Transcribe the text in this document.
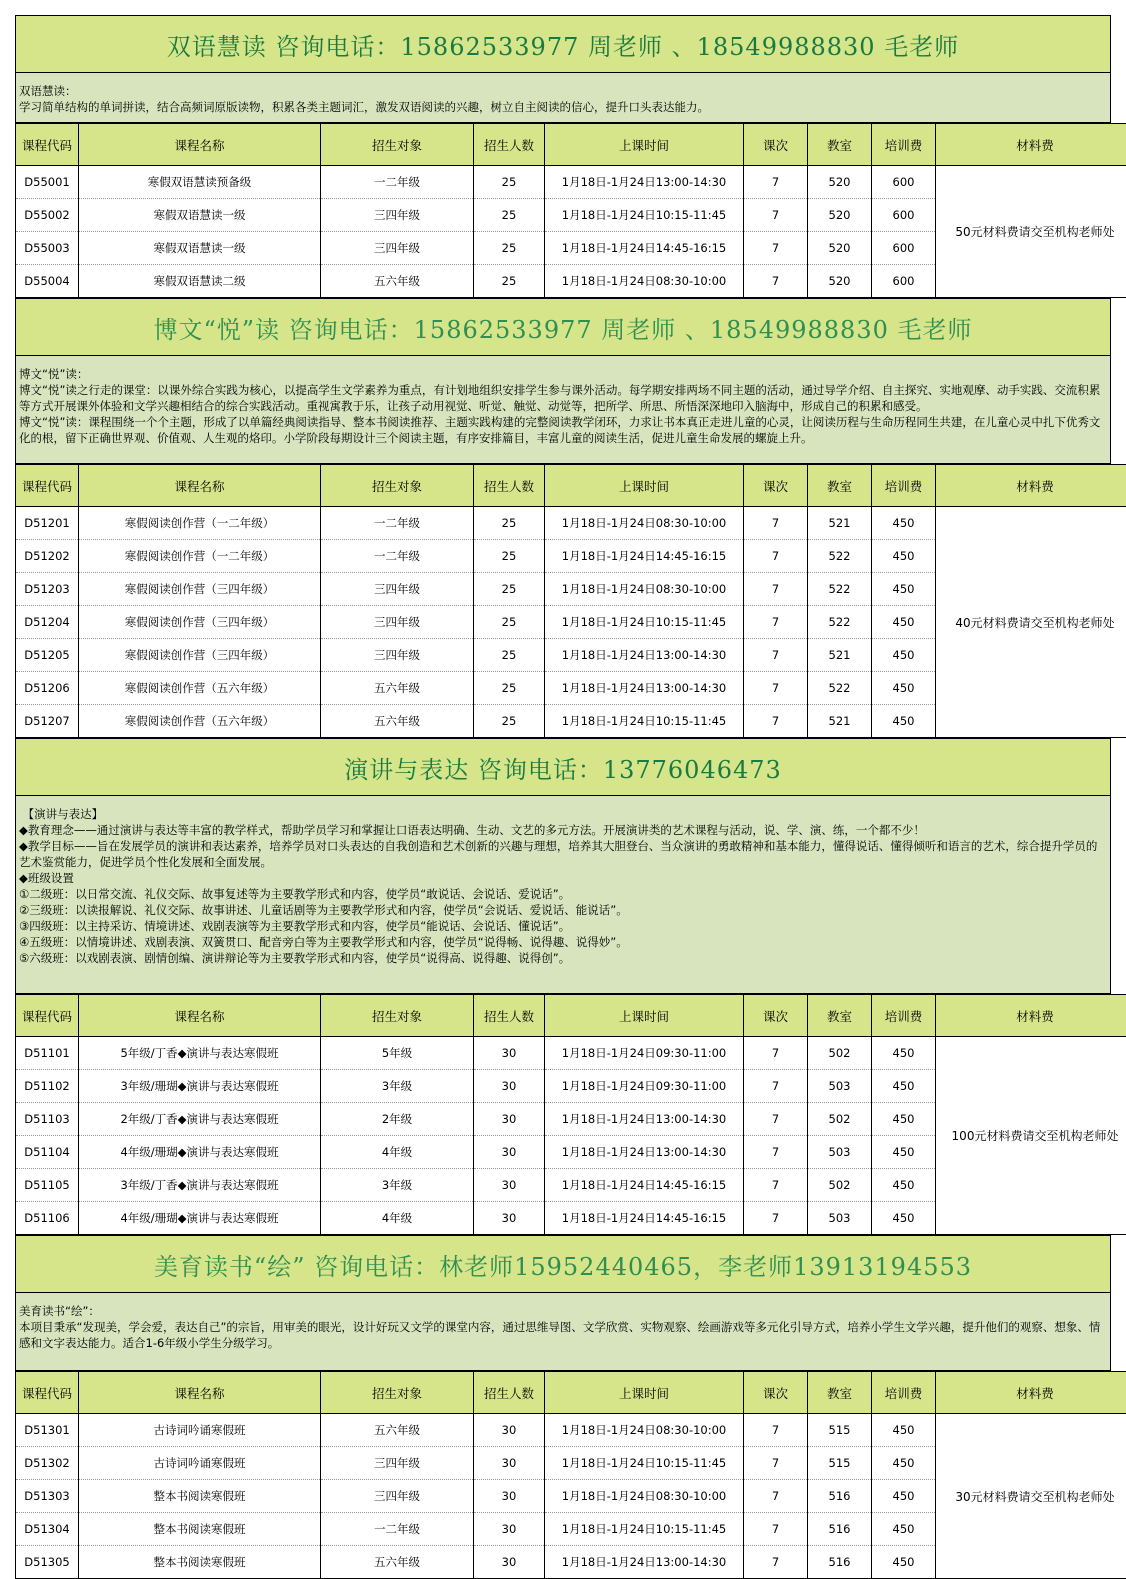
双语慧读 咨询电话：15862533977 周老师 、18549988830 毛老师
双语慧读：
学习简单结构的单词拼读，结合高频词原版读物，积累各类主题词汇，激发双语阅读的兴趣，树立自主阅读的信心，提升口头表达能力。
课程代码	课程名称	招生对象	招生人数	上课时间	课次	教室	培训费	材料费
D55001	寒假双语慧读预备级	一二年级	25	1月18日-1月24日13:00-14:30	7	520	600	50元材料费请交至机构老师处
D55002	寒假双语慧读一级	三四年级	25	1月18日-1月24日10:15-11:45	7	520	600	
D55003	寒假双语慧读一级	三四年级	25	1月18日-1月24日14:45-16:15	7	520	600	
D55004	寒假双语慧读二级	五六年级	25	1月18日-1月24日08:30-10:00	7	520	600	
博文“悦”读 咨询电话：15862533977 周老师 、18549988830 毛老师
博文“悦”读：
博文“悦”读之行走的课堂：以课外综合实践为核心，以提高学生文学素养为重点，有计划地组织安排学生参与课外活动。每学期安排两场不同主题的活动，通过导学介绍、自主探究、实地观摩、动手实践、交流积累等方式开展课外体验和文学兴趣相结合的综合实践活动。重视寓教于乐，让孩子动用视觉、听觉、触觉、动觉等，把所学、所思、所悟深深地印入脑海中，形成自己的积累和感受。
博文“悦”读：课程围绕一个个主题，形成了以单篇经典阅读指导、整本书阅读推荐、主题实践构建的完整阅读教学闭环，力求让书本真正走进儿童的心灵，让阅读历程与生命历程同生共建，在儿童心灵中扎下优秀文化的根，留下正确世界观、价值观、人生观的烙印。小学阶段每期设计三个阅读主题，有序安排篇目，丰富儿童的阅读生活，促进儿童生命发展的螺旋上升。
课程代码	课程名称	招生对象	招生人数	上课时间	课次	教室	培训费	材料费
D51201	寒假阅读创作营（一二年级）	一二年级	25	1月18日-1月24日08:30-10:00	7	521	450	40元材料费请交至机构老师处
D51202	寒假阅读创作营（一二年级）	一二年级	25	1月18日-1月24日14:45-16:15	7	522	450	
D51203	寒假阅读创作营（三四年级）	三四年级	25	1月18日-1月24日08:30-10:00	7	522	450	
D51204	寒假阅读创作营（三四年级）	三四年级	25	1月18日-1月24日10:15-11:45	7	522	450	
D51205	寒假阅读创作营（三四年级）	三四年级	25	1月18日-1月24日13:00-14:30	7	521	450	
D51206	寒假阅读创作营（五六年级）	五六年级	25	1月18日-1月24日13:00-14:30	7	522	450	
D51207	寒假阅读创作营（五六年级）	五六年级	25	1月18日-1月24日10:15-11:45	7	521	450	
演讲与表达 咨询电话：13776046473
【演讲与表达】
◆教育理念——通过演讲与表达等丰富的教学样式，帮助学员学习和掌握让口语表达明确、生动、文艺的多元方法。开展演讲类的艺术课程与活动，说、学、演、练，一个都不少！
◆教学目标——旨在发展学员的演讲和表达素养，培养学员对口头表达的自我创造和艺术创新的兴趣与理想，培养其大胆登台、当众演讲的勇敢精神和基本能力，懂得说话、懂得倾听和语言的艺术，综合提升学员的艺术鉴赏能力，促进学员个性化发展和全面发展。
◆班级设置
①二级班：以日常交流、礼仪交际、故事复述等为主要教学形式和内容，使学员“敢说话、会说话、爱说话”。
②三级班：以读报解说、礼仪交际、故事讲述、儿童话剧等为主要教学形式和内容，使学员“会说话、爱说话、能说话”。
③四级班：以主持采访、情境讲述、戏剧表演等为主要教学形式和内容，使学员“能说话、会说话、懂说话”。
④五级班：以情境讲述、戏剧表演、双簧贯口、配音旁白等为主要教学形式和内容，使学员“说得畅、说得趣、说得妙”。
⑤六级班：以戏剧表演、剧情创编、演讲辩论等为主要教学形式和内容，使学员“说得高、说得趣、说得创”。
课程代码	课程名称	招生对象	招生人数	上课时间	课次	教室	培训费	材料费
D51101	5年级/丁香◆演讲与表达寒假班	5年级	30	1月18日-1月24日09:30-11:00	7	502	450	100元材料费请交至机构老师处
D51102	3年级/珊瑚◆演讲与表达寒假班	3年级	30	1月18日-1月24日09:30-11:00	7	503	450	
D51103	2年级/丁香◆演讲与表达寒假班	2年级	30	1月18日-1月24日13:00-14:30	7	502	450	
D51104	4年级/珊瑚◆演讲与表达寒假班	4年级	30	1月18日-1月24日13:00-14:30	7	503	450	
D51105	3年级/丁香◆演讲与表达寒假班	3年级	30	1月18日-1月24日14:45-16:15	7	502	450	
D51106	4年级/珊瑚◆演讲与表达寒假班	4年级	30	1月18日-1月24日14:45-16:15	7	503	450	
美育读书“绘” 咨询电话：林老师15952440465，李老师13913194553
美育读书“绘”：
本项目秉承“发现美，学会爱，表达自己”的宗旨，用审美的眼光，设计好玩又文学的课堂内容，通过思维导图、文学欣赏、实物观察、绘画游戏等多元化引导方式，培养小学生文学兴趣，提升他们的观察、想象、情感和文字表达能力。适合1-6年级小学生分级学习。
课程代码	课程名称	招生对象	招生人数	上课时间	课次	教室	培训费	材料费
D51301	古诗词吟诵寒假班	五六年级	30	1月18日-1月24日08:30-10:00	7	515	450	30元材料费请交至机构老师处
D51302	古诗词吟诵寒假班	三四年级	30	1月18日-1月24日10:15-11:45	7	515	450	
D51303	整本书阅读寒假班	三四年级	30	1月18日-1月24日08:30-10:00	7	516	450	
D51304	整本书阅读寒假班	一二年级	30	1月18日-1月24日10:15-11:45	7	516	450	
D51305	整本书阅读寒假班	五六年级	30	1月18日-1月24日13:00-14:30	7	516	450	
